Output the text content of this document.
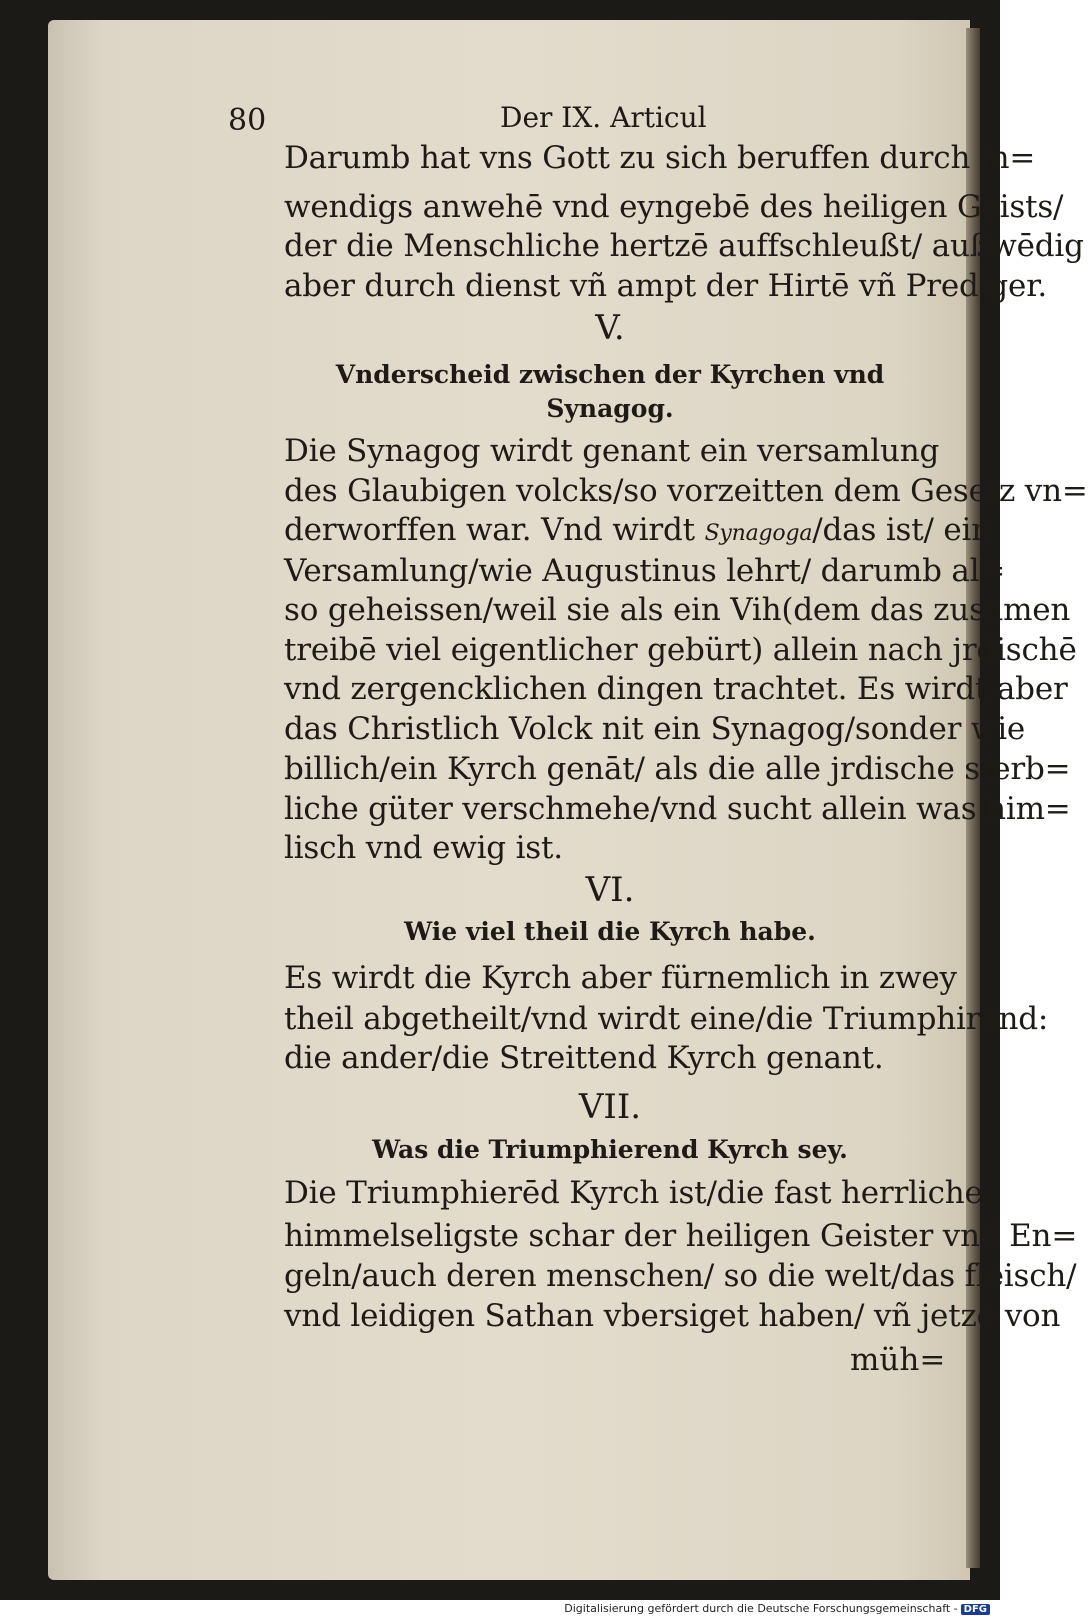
80	Der IX. Articul
Darumb hat vns Gott zu sich beruffen durch in=
wendigs anwehē vnd eyngebē des heiligen Geists/
der die Menschliche hertzē auffschleußt/ außwēdig
aber durch dienst vñ ampt der Hirtē vñ Prediger.
V.
Vnderscheid zwischen der Kyrchen vnd
Synagog.
Die Synagog wirdt genant ein versamlung
des Glaubigen volcks/so vorzeitten dem Gesetz vn=
derworffen war. Vnd wirdt Synagoga/das ist/ ein
Versamlung/wie Augustinus lehrt/ darumb al=
so geheissen/weil sie als ein Vih(dem das zusamen
treibē viel eigentlicher gebürt) allein nach jrdischē
vnd zergencklichen dingen trachtet. Es wirdt aber
das Christlich Volck nit ein Synagog/sonder wie
billich/ein Kyrch genāt/ als die alle jrdische sterb=
liche güter verschmehe/vnd sucht allein was him=
lisch vnd ewig ist.
VI.
Wie viel theil die Kyrch habe.
Es wirdt die Kyrch aber fürnemlich in zwey
theil abgetheilt/vnd wirdt eine/die Triumphirend:
die ander/die Streittend Kyrch genant.
VII.
Was die Triumphierend Kyrch sey.
Die Triumphierēd Kyrch ist/die fast herrliche
himmelseligste schar der heiligen Geister vnd En=
geln/auch deren menschen/ so die welt/das fleisch/
vnd leidigen Sathan vbersiget haben/ vñ jetzo von
müh=
Digitalisierung gefördert durch die Deutsche Forschungsgemeinschaft - DFG
